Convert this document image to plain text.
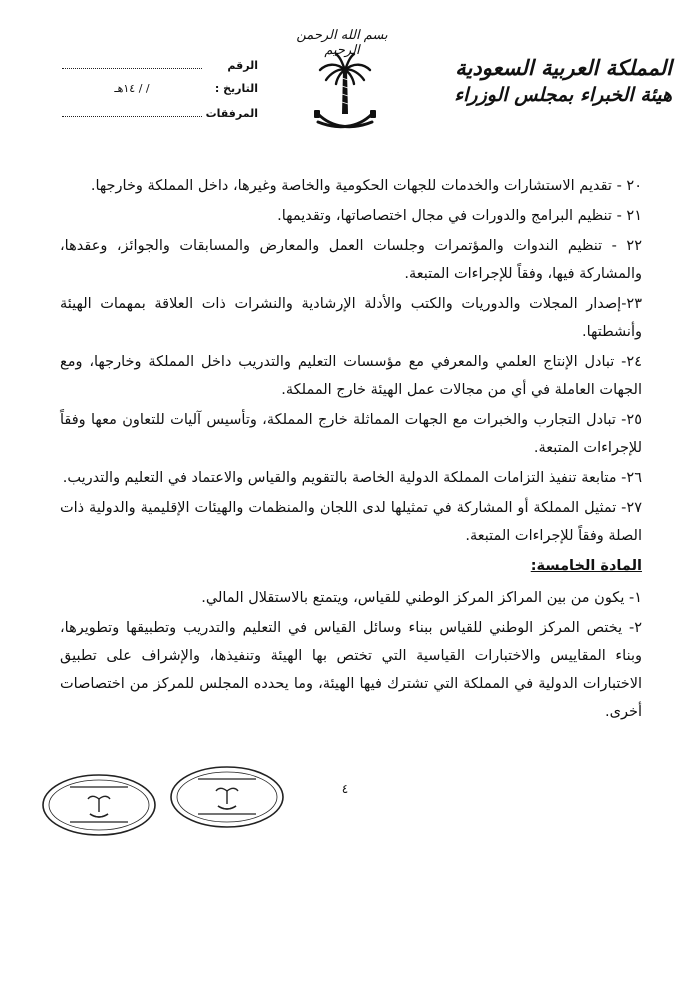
بسم الله الرحمن الرحيم
المملكة العربية السعودية
هيئة الخبراء بمجلس الوزراء
الرقم
التاريخ :
/ / ١٤هـ
المرفقات

٢٠ - تقديم الاستشارات والخدمات للجهات الحكومية والخاصة وغيرها، داخل المملكة وخارجها.

٢١ - تنظيم البرامج والدورات في مجال اختصاصاتها، وتقديمها.

٢٢ - تنظيم الندوات والمؤتمرات وجلسات العمل والمعارض والمسابقات والجوائز، وعقدها، والمشاركة فيها، وفقاً للإجراءات المتبعة.

٢٣-إصدار المجلات والدوريات والكتب والأدلة الإرشادية والنشرات ذات العلاقة بمهمات الهيئة وأنشطتها.

٢٤- تبادل الإنتاج العلمي والمعرفي مع مؤسسات التعليم والتدريب داخل المملكة وخارجها، ومع الجهات العاملة في أي من مجالات عمل الهيئة خارج المملكة.

٢٥- تبادل التجارب والخبرات مع الجهات المماثلة خارج المملكة، وتأسيس آليات للتعاون معها وفقاً للإجراءات المتبعة.

٢٦- متابعة تنفيذ التزامات المملكة الدولية الخاصة بالتقويم والقياس والاعتماد في التعليم والتدريب.

٢٧- تمثيل المملكة أو المشاركة في تمثيلها لدى اللجان والمنظمات والهيئات الإقليمية والدولية ذات الصلة وفقاً للإجراءات المتبعة.

المادة الخامسة:

١- يكون من بين المراكز المركز الوطني للقياس، ويتمتع بالاستقلال المالي.

٢- يختص المركز الوطني للقياس ببناء وسائل القياس في التعليم والتدريب وتطبيقها وتطويرها، وبناء المقاييس والاختبارات القياسية التي تختص بها الهيئة وتنفيذها، والإشراف على تطبيق الاختبارات الدولية في المملكة التي تشترك فيها الهيئة، وما يحدده المجلس للمركز من اختصاصات أخرى.

٤
